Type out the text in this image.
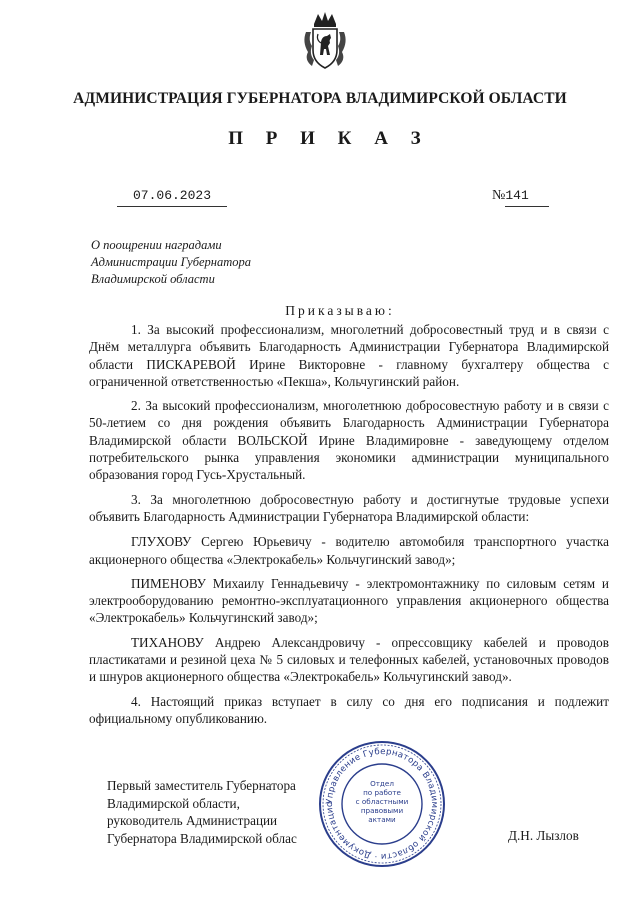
АДМИНИСТРАЦИЯ ГУБЕРНАТОРА ВЛАДИМИРСКОЙ ОБЛАСТИ
П Р И К А З
07.06.2023	№141
О поощрении наградами
Администрации Губернатора
Владимирской области
Приказываю:

1. За высокий профессионализм, многолетний добросовестный труд и в связи с Днём металлурга объявить Благодарность Администрации Губернатора Владимирской области ПИСКАРЕВОЙ Ирине Викторовне - главному бухгалтеру общества с ограниченной ответственностью «Пекша», Кольчугинский район.

2. За высокий профессионализм, многолетнюю добросовестную работу и в связи с 50-летием со дня рождения объявить Благодарность Администрации Губернатора Владимирской области ВОЛЬСКОЙ Ирине Владимировне - заведующему отделом потребительского рынка управления экономики администрации муниципального образования город Гусь-Хрустальный.

3. За многолетнюю добросовестную работу и достигнутые трудовые успехи объявить Благодарность Администрации Губернатора Владимирской области:

ГЛУХОВУ Сергею Юрьевичу - водителю автомобиля транспортного участка акционерного общества «Электрокабель» Кольчугинский завод»;

ПИМЕНОВУ Михаилу Геннадьевичу - электромонтажнику по силовым сетям и электрооборудованию ремонтно-эксплуатационного управления акционерного общества «Электрокабель» Кольчугинский завод»;

ТИХАНОВУ Андрею Александровичу - опрессовщику кабелей и проводов пластикатами и резиной цеха № 5 силовых и телефонных кабелей, установочных проводов и шнуров акционерного общества «Электрокабель» Кольчугинский завод».

4. Настоящий приказ вступает в силу со дня его подписания и подлежит официальному опубликованию.

Первый заместитель Губернатора
Владимирской области,
руководитель Администрации
Губернатора Владимирской облас	Д.Н. Лызлов
Управление Губернатора Владимирской области · Документацио
Отдел
по работе
с областными
правовыми
актами
